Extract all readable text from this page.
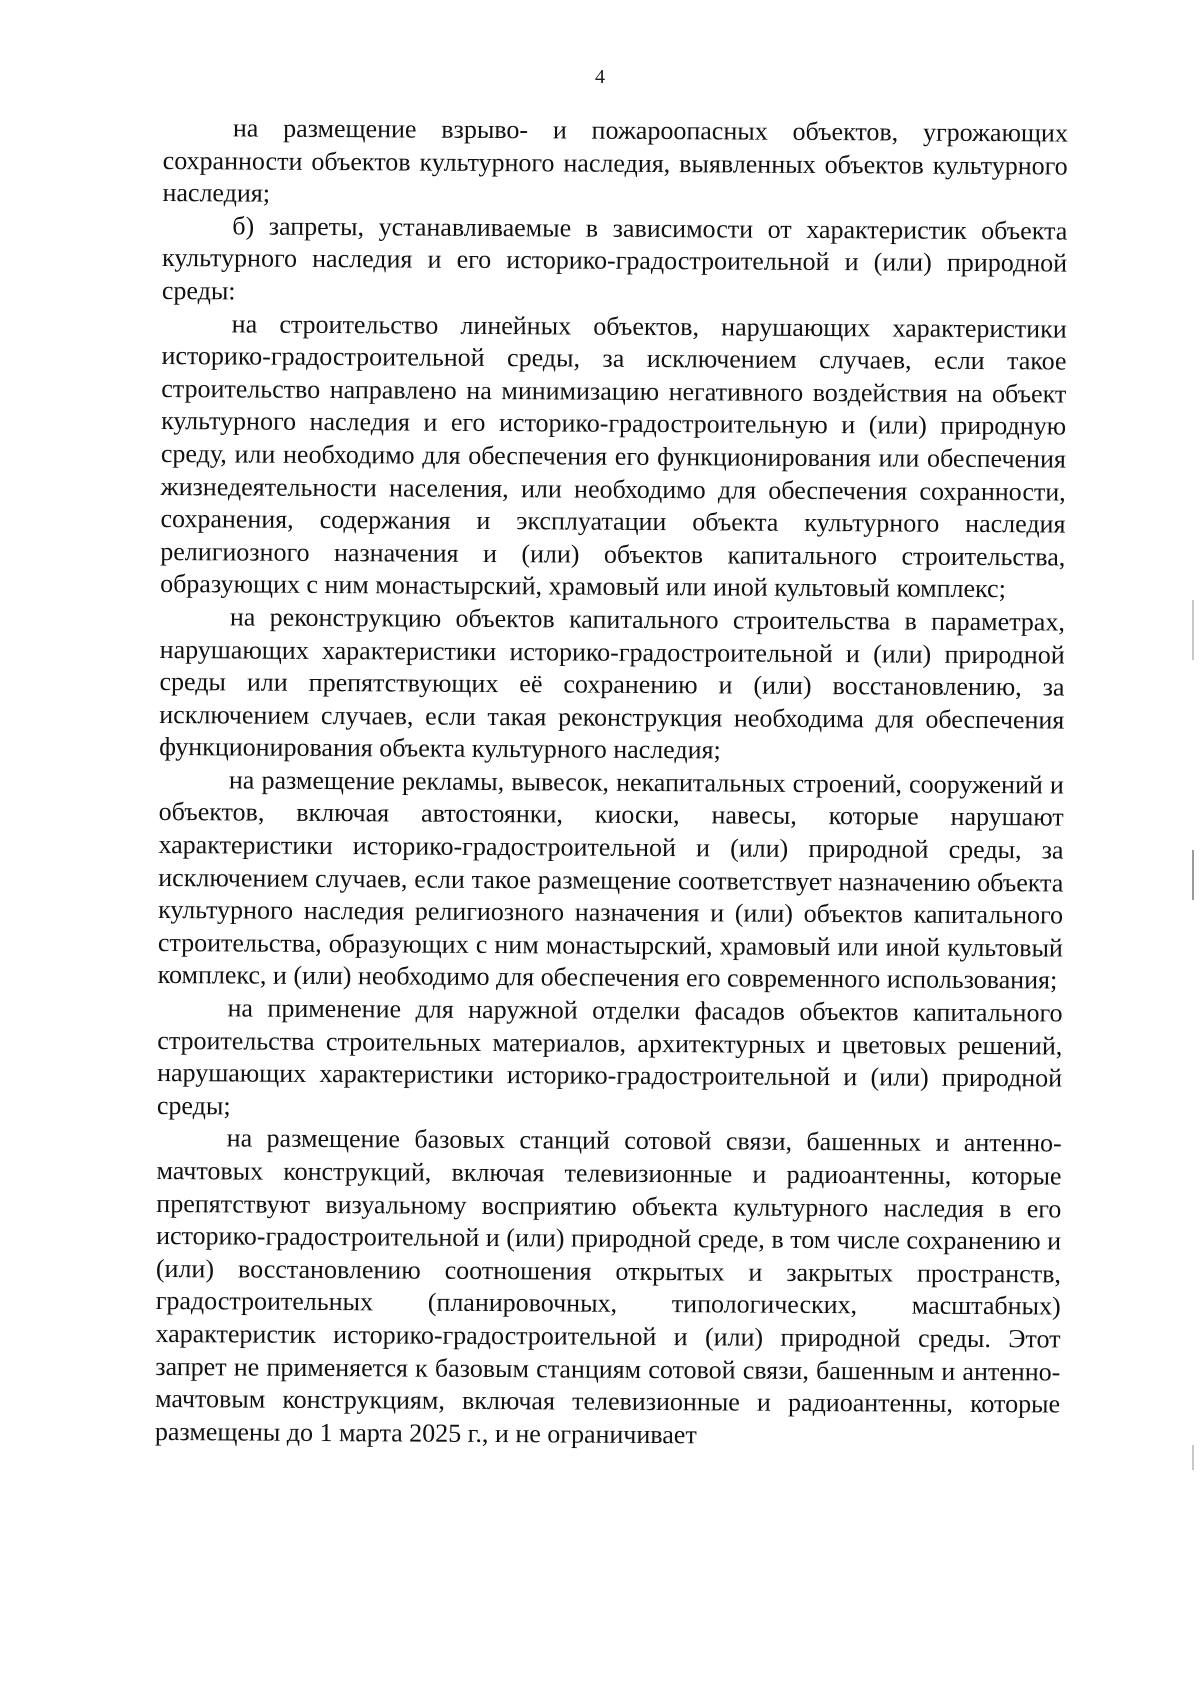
4

на размещение взрыво- и пожароопасных объектов, угрожающих сохранности объектов культурного наследия, выявленных объектов культурного наследия;

б) запреты, устанавливаемые в зависимости от характеристик объекта культурного наследия и его историко-градостроительной и (или) природной среды:

на строительство линейных объектов, нарушающих характеристики историко-градостроительной среды, за исключением случаев, если такое строительство направлено на минимизацию негативного воздействия на объект культурного наследия и его историко-градостроительную и (или) природную среду, или необходимо для обеспечения его функционирования или обеспечения жизнедеятельности населения, или необходимо для обеспечения сохранности, сохранения, содержания и эксплуатации объекта культурного наследия религиозного назначения и (или) объектов капитального строительства, образующих с ним монастырский, храмовый или иной культовый комплекс;

на реконструкцию объектов капитального строительства в параметрах, нарушающих характеристики историко-градостроительной и (или) природной среды или препятствующих её сохранению и (или) восстановлению, за исключением случаев, если такая реконструкция необходима для обеспечения функционирования объекта культурного наследия;

на размещение рекламы, вывесок, некапитальных строений, сооружений и объектов, включая автостоянки, киоски, навесы, которые нарушают характеристики историко-градостроительной и (или) природной среды, за исключением случаев, если такое размещение соответствует назначению объекта культурного наследия религиозного назначения и (или) объектов капитального строительства, образующих с ним монастырский, храмовый или иной культовый комплекс, и (или) необходимо для обеспечения его современного использования;

на применение для наружной отделки фасадов объектов капитального строительства строительных материалов, архитектурных и цветовых решений, нарушающих характеристики историко-градостроительной и (или) природной среды;

на размещение базовых станций сотовой связи, башенных и антенно-мачтовых конструкций, включая телевизионные и радиоантенны, которые препятствуют визуальному восприятию объекта культурного наследия в его историко-градостроительной и (или) природной среде, в том числе сохранению и (или) восстановлению соотношения открытых и закрытых пространств, градостроительных (планировочных, типологических, масштабных) характеристик историко-градостроительной и (или) природной среды. Этот запрет не применяется к базовым станциям сотовой связи, башенным и антенно-мачтовым конструкциям, включая телевизионные и радиоантенны, которые размещены до 1 марта 2025 г., и не ограничивает
